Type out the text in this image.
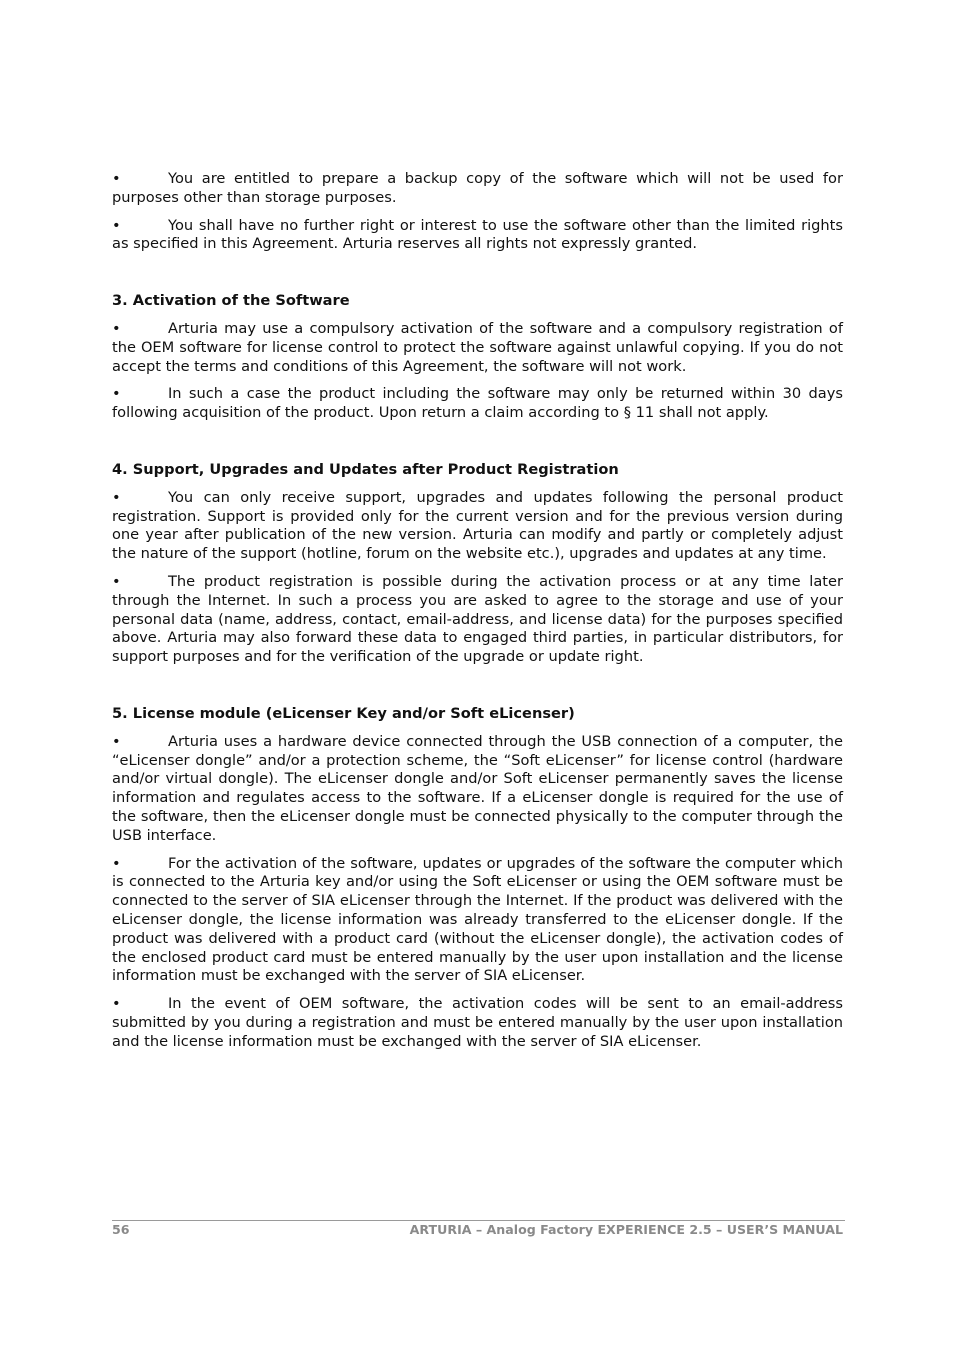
•	You are entitled to prepare a backup copy of the software which will not be used for purposes other than storage purposes.

•	You shall have no further right or interest to use the software other than the limited rights as specified in this Agreement. Arturia reserves all rights not expressly granted.

3. Activation of the Software

•	Arturia may use a compulsory activation of the software and a compulsory registration of the OEM software for license control to protect the software against unlawful copying. If you do not accept the terms and conditions of this Agreement, the software will not work.

•	In such a case the product including the software may only be returned within 30 days following acquisition of the product. Upon return a claim according to § 11 shall not apply.

4. Support, Upgrades and Updates after Product Registration

•	You can only receive support, upgrades and updates following the personal product registration. Support is provided only for the current version and for the previous version during one year after publication of the new version. Arturia can modify and partly or completely adjust the nature of the support (hotline, forum on the website etc.), upgrades and updates at any time.

•	The product registration is possible during the activation process or at any time later through the Internet. In such a process you are asked to agree to the storage and use of your personal data (name, address, contact, email-address, and license data) for the purposes specified above. Arturia may also forward these data to engaged third parties, in particular distributors, for support purposes and for the verification of the upgrade or update right.

5. License module (eLicenser Key and/or Soft eLicenser)

•	Arturia uses a hardware device connected through the USB connection of a computer, the “eLicenser dongle” and/or a protection scheme, the “Soft eLicenser” for license control (hardware and/or virtual dongle). The eLicenser dongle and/or Soft eLicenser permanently saves the license information and regulates access to the software. If a eLicenser dongle is required for the use of the software, then the eLicenser dongle must be connected physically to the computer through the USB interface.

•	For the activation of the software, updates or upgrades of the software the computer which is connected to the Arturia key and/or using the Soft eLicenser or using the OEM software must be connected to the server of SIA eLicenser through the Internet. If the product was delivered with the eLicenser dongle, the license information was already transferred to the eLicenser dongle. If the product was delivered with a product card (without the eLicenser dongle), the activation codes of the enclosed product card must be entered manually by the user upon installation and the license information must be exchanged with the server of SIA eLicenser.

•	In the event of OEM software, the activation codes will be sent to an email-address submitted by you during a registration and must be entered manually by the user upon installation and the license information must be exchanged with the server of SIA eLicenser.

56	ARTURIA – Analog Factory EXPERIENCE 2.5 – USER’S MANUAL
